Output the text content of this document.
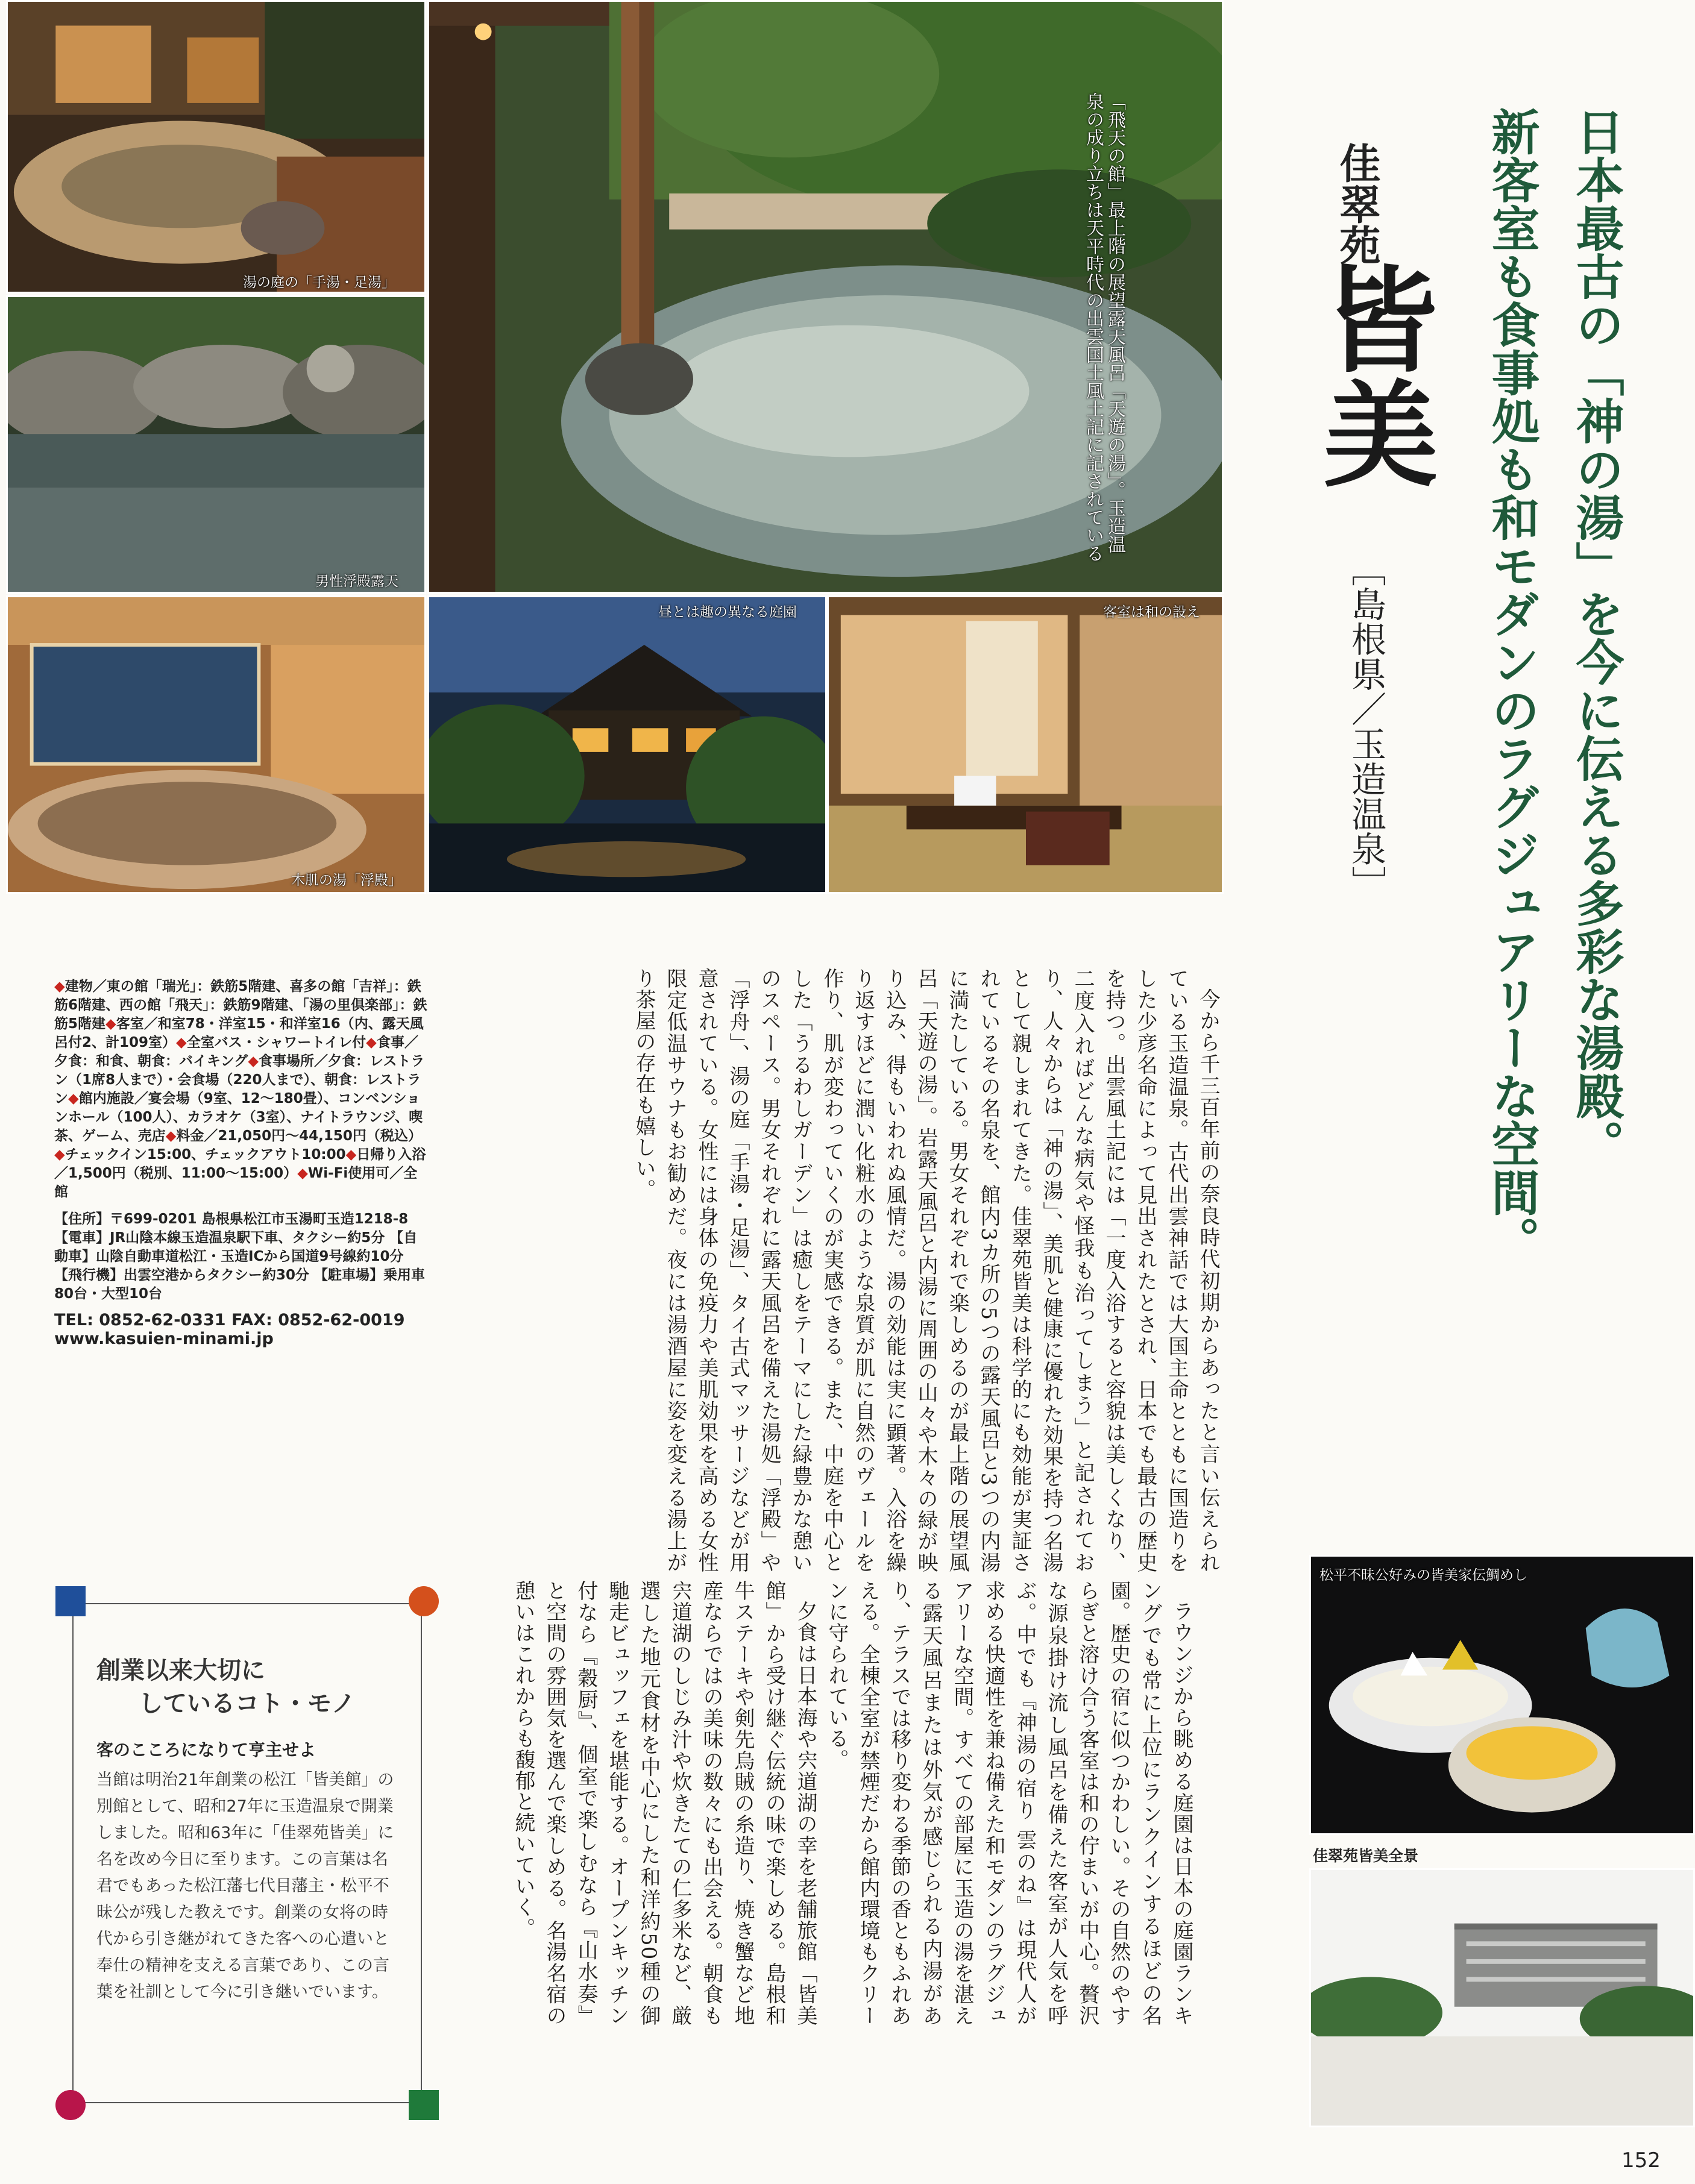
湯の庭の「手湯・足湯」
男性浮殿露天
木肌の湯「浮殿」
「飛天の館」最上階の展望露天風呂「天遊の湯」。玉造温泉の成り立ちは天平時代の出雲国土風土記に記されている
昼とは趣の異なる庭園	客室は和の設え	日本最古の「神の湯」を今に伝える多彩な湯殿。
新客室も食事処も和モダンのラグジュアリーな空間。
佳翠苑
皆美
［島根県／玉造温泉］
今から千三百年前の奈良時代初期からあったと言い伝えられている玉造温泉。古代出雲神話では大国主命とともに国造りをした少彦名命によって見出されたとされ、日本でも最古の歴史を持つ。出雲風土記には「一度入浴すると容貌は美しくなり、二度入ればどんな病気や怪我も治ってしまう」と記されており、人々からは「神の湯」、美肌と健康に優れた効果を持つ名湯として親しまれてきた。佳翠苑皆美は科学的にも効能が実証されているその名泉を、館内3カ所の5つの露天風呂と3つの内湯に満たしている。男女それぞれで楽しめるのが最上階の展望風呂「天遊の湯」。岩露天風呂と内湯に周囲の山々や木々の緑が映り込み、得もいわれぬ風情だ。湯の効能は実に顕著。入浴を繰り返すほどに潤い化粧水のような泉質が肌に自然のヴェールを作り、肌が変わっていくのが実感できる。また、中庭を中心とした「うるわしガーデン」は癒しをテーマにした緑豊かな憩いのスペース。男女それぞれに露天風呂を備えた湯処「浮殿」や「浮舟」、湯の庭「手湯・足湯」、タイ古式マッサージなどが用意されている。女性には身体の免疫力や美肌効果を高める女性限定低温サウナもお勧めだ。夜には湯酒屋に姿を変える湯上がり茶屋の存在も嬉しい。
ラウンジから眺める庭園は日本の庭園ランキングでも常に上位にランクインするほどの名園。歴史の宿に似つかわしい。その自然のやすらぎと溶け合う客室は和の佇まいが中心。贅沢な源泉掛け流し風呂を備えた客室が人気を呼ぶ。中でも『神湯の宿り 雲のね』は現代人が求める快適性を兼ね備えた和モダンのラグジュアリーな空間。すべての部屋に玉造の湯を湛える露天風呂または外気が感じられる内湯があり、テラスでは移り変わる季節の香ともふれあえる。全棟全室が禁煙だから館内環境もクリーンに守られている。
夕食は日本海や宍道湖の幸を老舗旅館「皆美館」から受け継ぐ伝統の味で楽しめる。島根和牛ステーキや剣先烏賊の糸造り、焼き蟹など地産ならではの美味の数々にも出会える。朝食も宍道湖のしじみ汁や炊きたての仁多米など、厳選した地元食材を中心にした和洋約50種の御馳走ビュッフェを堪能する。オープンキッチン付なら『穀厨』、個室で楽しむなら『山水奏』と空間の雰囲気を選んで楽しめる。名湯名宿の憩いはこれからも馥郁と続いていく。
◆建物／東の館「瑞光」：鉄筋5階建、喜多の館「吉祥」：鉄筋6階建、西の館「飛天」：鉄筋9階建、「湯の里倶楽部」：鉄筋5階建◆客室／和室78・洋室15・和洋室16（内、露天風呂付2、計109室）◆全室バス・シャワートイレ付◆食事／夕食：和食、朝食：バイキング◆食事場所／夕食：レストラン（1席8人まで）・会食場（220人まで）、朝食：レストラン◆館内施設／宴会場（9室、12～180畳）、コンベンションホール（100人）、カラオケ（3室）、ナイトラウンジ、喫茶、ゲーム、売店◆料金／21,050円～44,150円（税込）◆チェックイン15:00、チェックアウト10:00◆日帰り入浴／1,500円（税別、11:00～15:00）◆Wi-Fi使用可／全館
【住所】〒699-0201 島根県松江市玉湯町玉造1218-8 【電車】JR山陰本線玉造温泉駅下車、タクシー約5分 【自動車】山陰自動車道松江・玉造ICから国道9号線約10分 【飛行機】出雲空港からタクシー約30分 【駐車場】乗用車80台・大型10台
TEL: 0852-62-0331 FAX: 0852-62-0019
www.kasuien-minami.jp
創業以来大切に
しているコト・モノ
客のこころになりて亨主せよ
当館は明治21年創業の松江「皆美館」の別館として、昭和27年に玉造温泉で開業しました。昭和63年に「佳翠苑皆美」に名を改め今日に至ります。この言葉は名君でもあった松江藩七代目藩主・松平不昧公が残した教えです。創業の女将の時代から引き継がれてきた客への心遣いと奉仕の精神を支える言葉であり、この言葉を社訓として今に引き継いでいます。
松平不昧公好みの皆美家伝鯛めし
佳翠苑皆美全景
152
